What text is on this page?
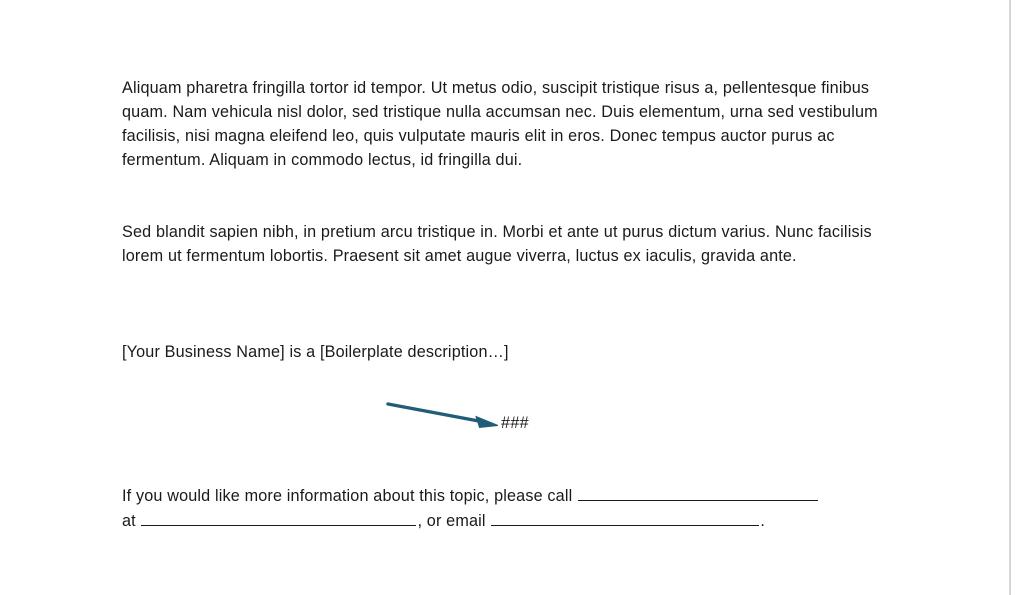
Aliquam pharetra fringilla tortor id tempor. Ut metus odio, suscipit tristique risus a, pellentesque finibus quam. Nam vehicula nisl dolor, sed tristique nulla accumsan nec. Duis elementum, urna sed vestibulum facilisis, nisi magna eleifend leo, quis vulputate mauris elit in eros. Donec tempus auctor purus ac fermentum. Aliquam in commodo lectus, id fringilla dui.

Sed blandit sapien nibh, in pretium arcu tristique in. Morbi et ante ut purus dictum varius. Nunc facilisis lorem ut fermentum lobortis. Praesent sit amet augue viverra, luctus ex iaculis, gravida ante.

[Your Business Name] is a [Boilerplate description…]

###

If you would like more information about this topic, please call

at	, or email	.
